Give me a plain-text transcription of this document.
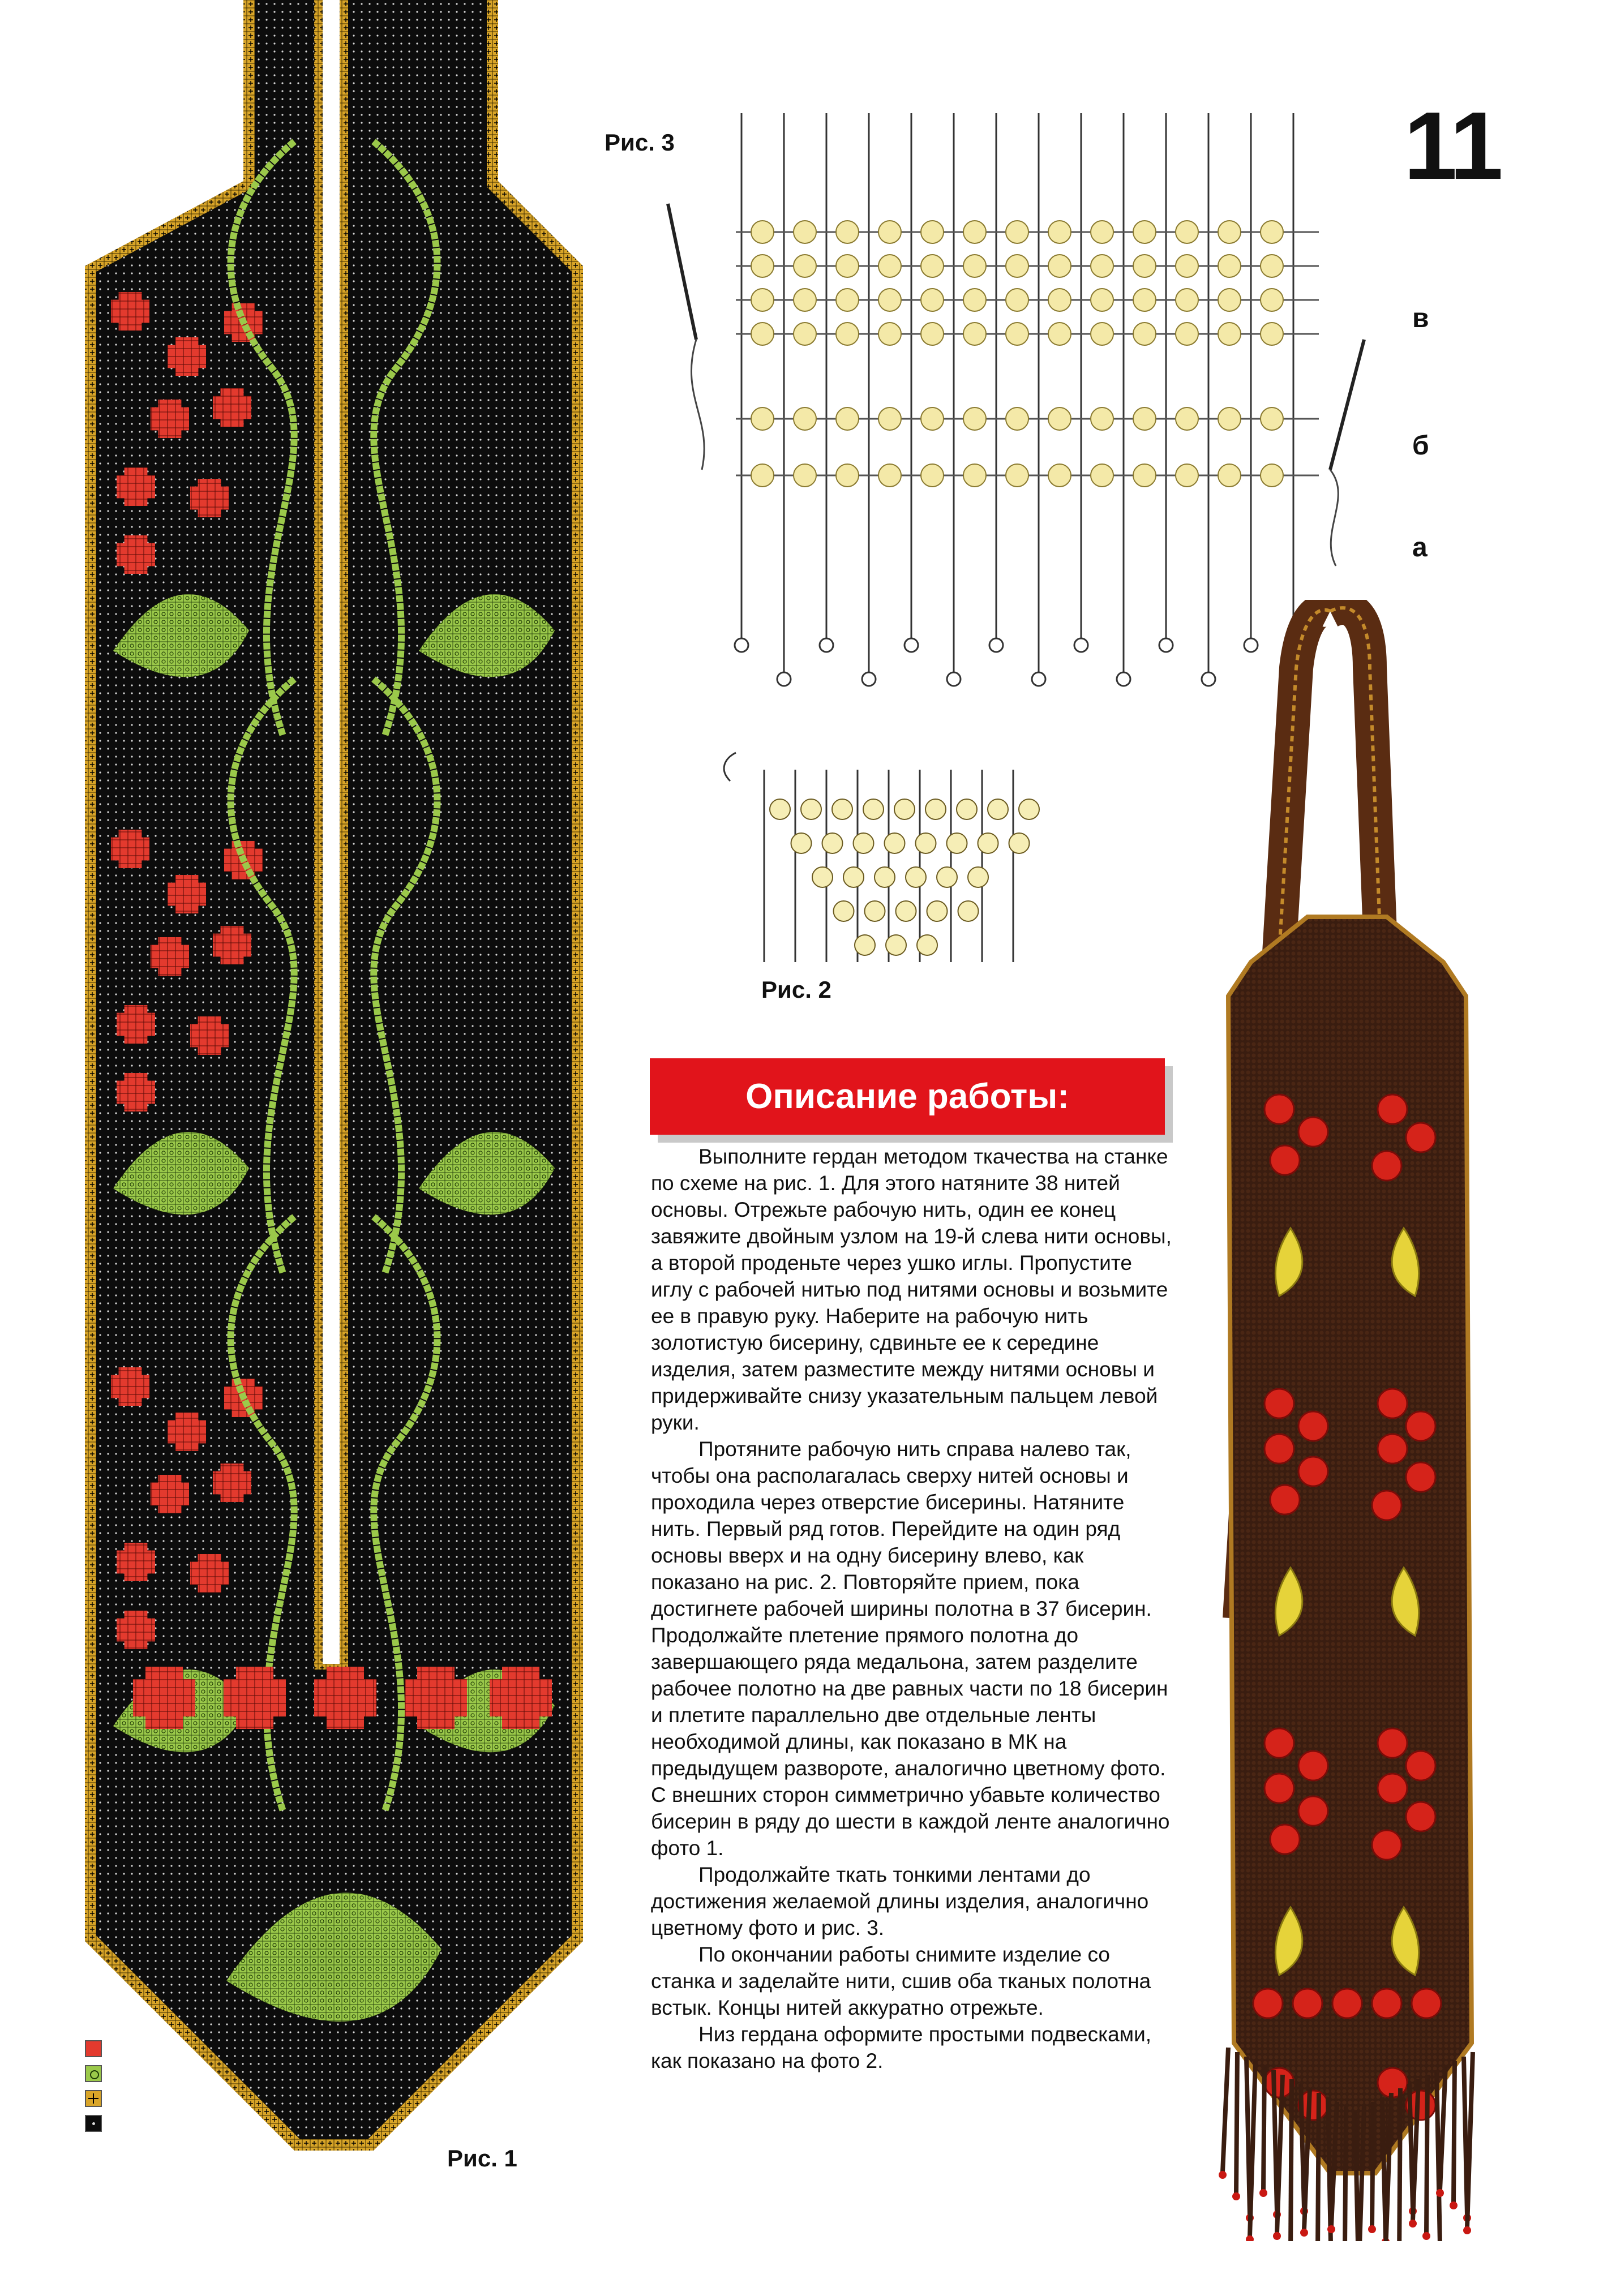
Рис. 1
Рис. 3
в
б
а
Рис. 2
Описание работы:

Выполните гердан методом ткачества на станке по схеме на рис. 1. Для этого натяните 38 нитей основы. Отрежьте рабочую нить, один ее конец завяжите двойным узлом на 19-й слева нити основы, а второй проденьте через ушко иглы. Пропустите иглу с рабочей нитью под нитями основы и возьмите ее в правую руку. Наберите на рабочую нить золотистую бисерину, сдвиньте ее к середине изделия, затем разместите между нитями основы и придерживайте снизу указательным пальцем левой руки.

Протяните рабочую нить справа налево так, чтобы она располагалась сверху нитей основы и проходила через отверстие бисерины. Натяните нить. Первый ряд готов. Перейдите на один ряд основы вверх и на одну бисерину влево, как показано на рис. 2. Повторяйте прием, пока достигнете рабочей ширины полотна в 37 бисерин. Продолжайте плетение прямого полотна до завершающего ряда медальона, затем разделите рабочее полотно на две равных части по 18 бисерин и плетите параллельно две отдельные ленты необходимой длины, как показано в МК на предыдущем развороте, аналогично цветному фото. С внешних сторон симметрично убавьте количество бисерин в ряду до шести в каждой ленте аналогично фото 1.

Продолжайте ткать тонкими лентами до достижения желаемой длины изделия, аналогично цветному фото и рис. 3.

По окончании работы снимите изделие со станка и заделайте нити, сшив оба тканых полотна встык. Концы нитей аккуратно отрежьте.

Низ гердана оформите простыми подвесками, как показано на фото 2.

11
